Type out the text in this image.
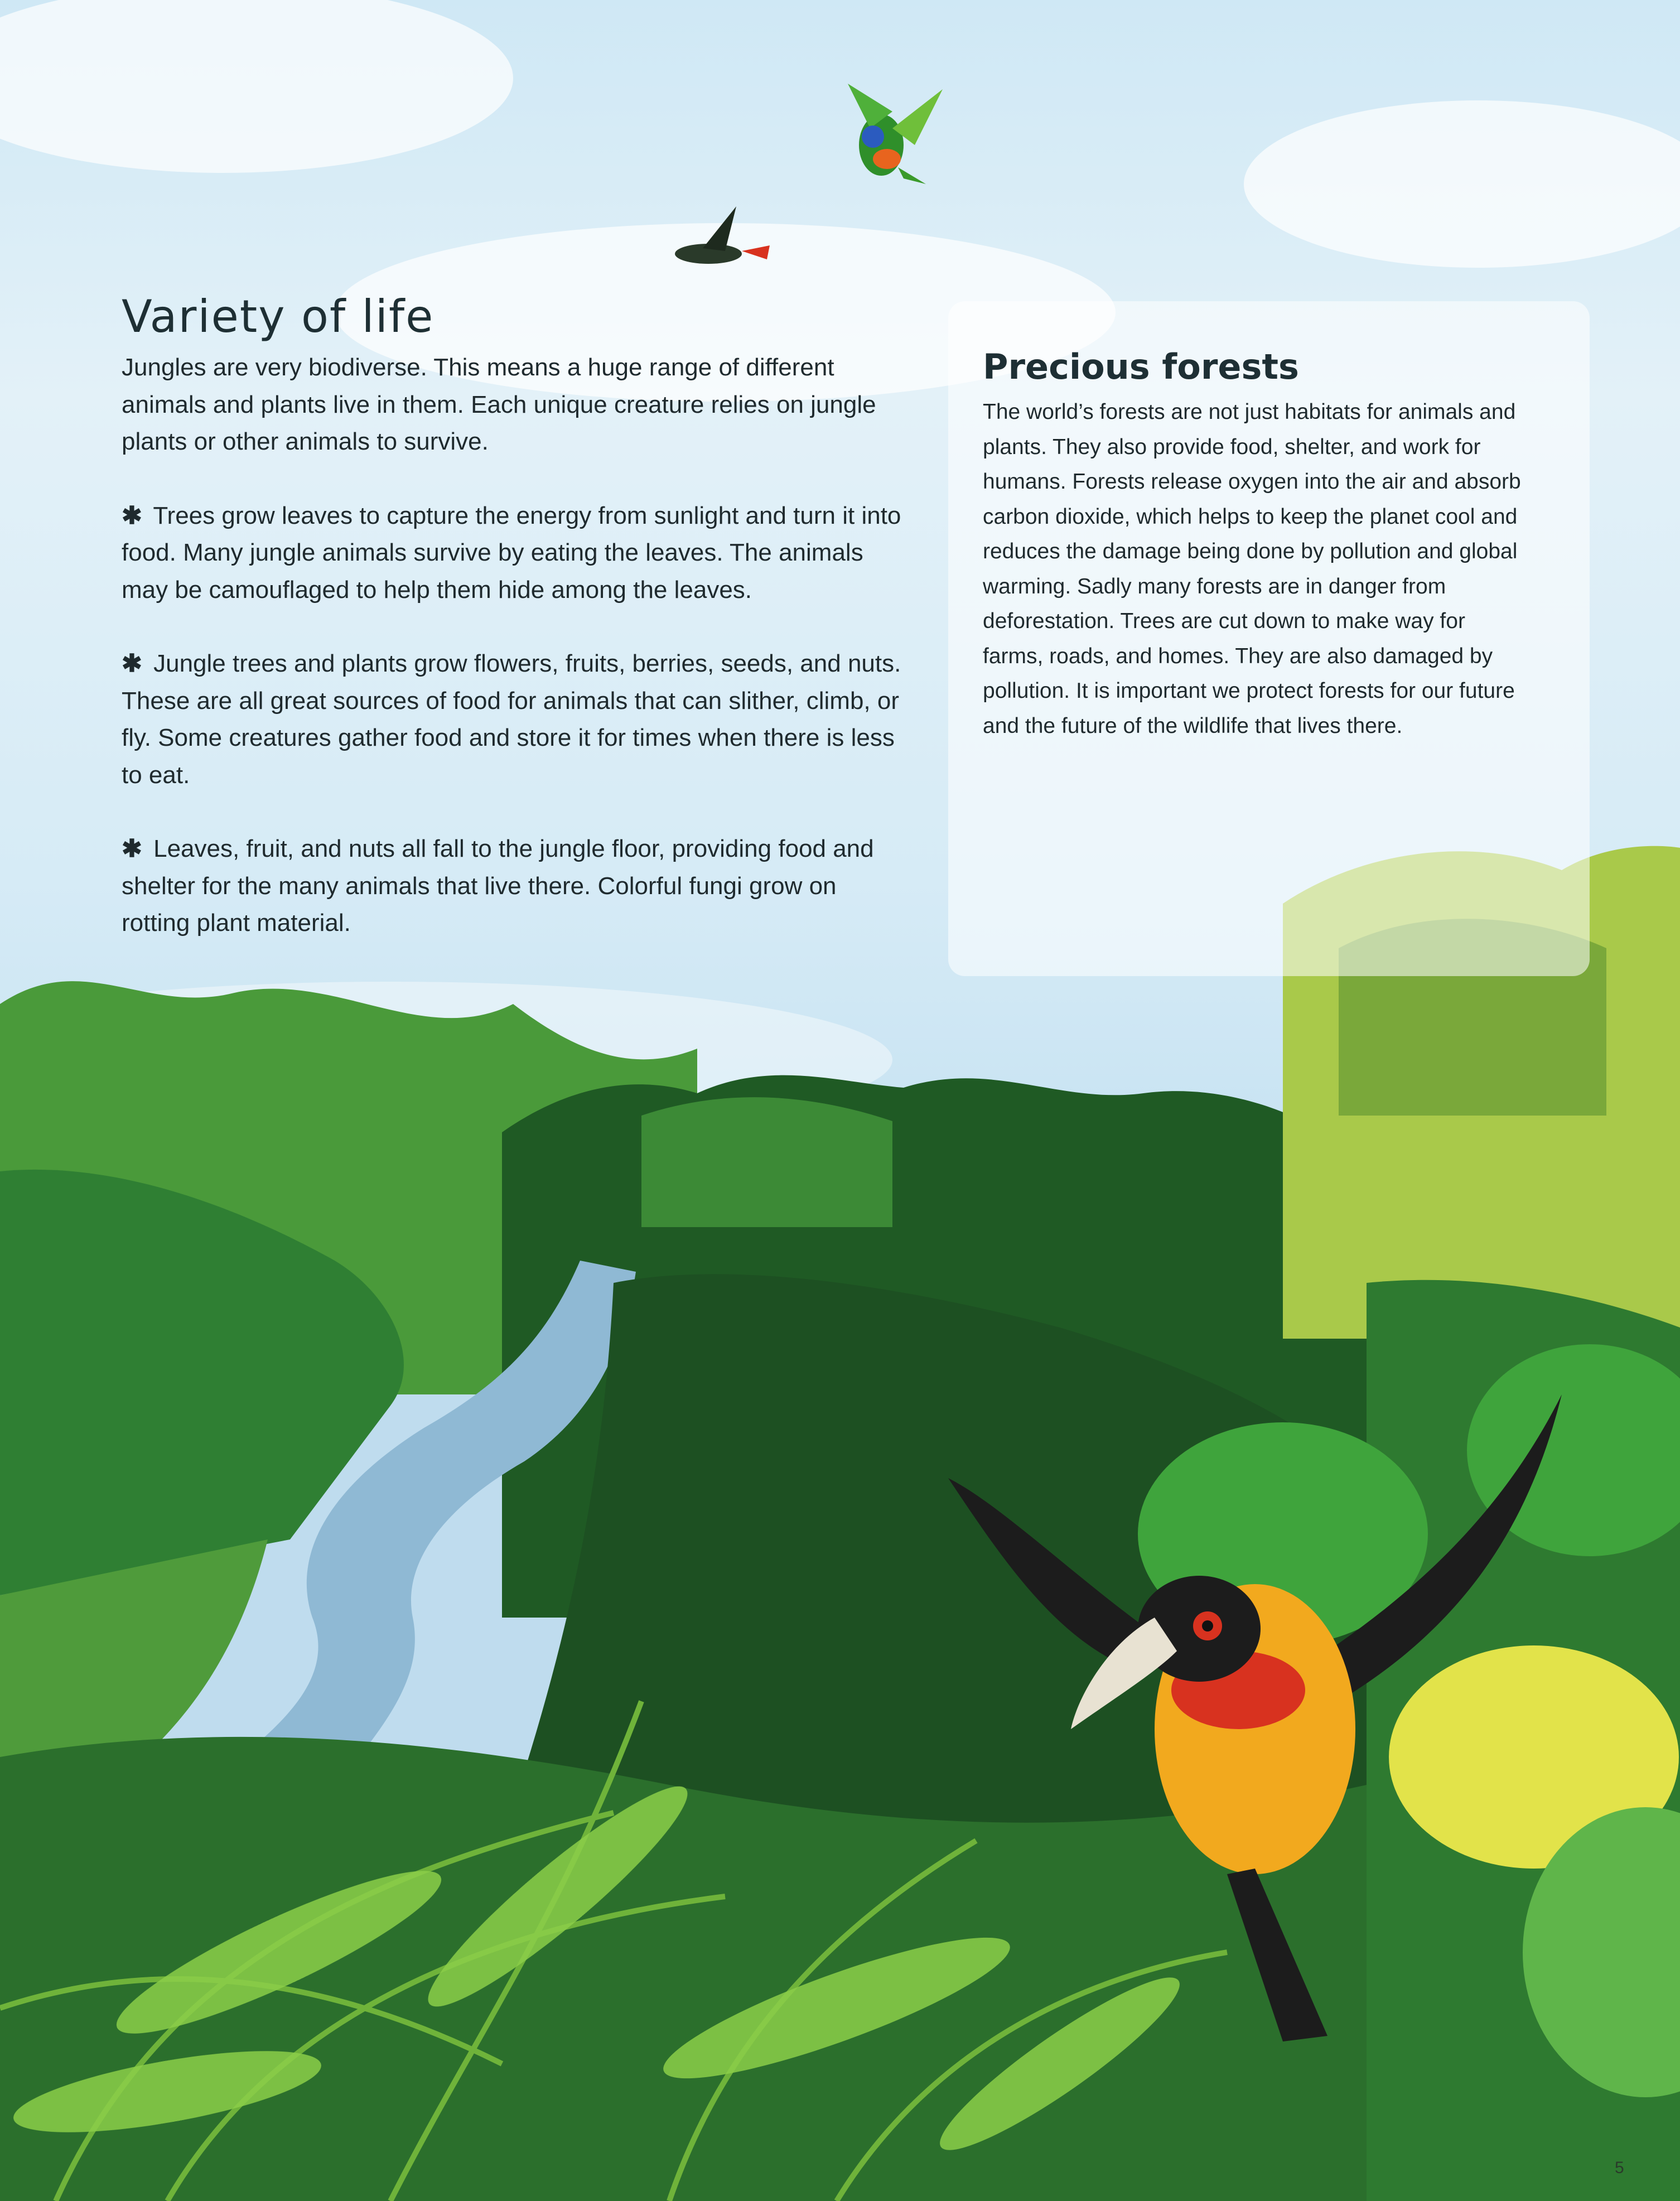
Variety of life

Jungles are very biodiverse. This means a huge range of different animals and plants live in them. Each unique creature relies on jungle plants or other animals to survive.

✱ Trees grow leaves to capture the energy from sunlight and turn it into food. Many jungle animals survive by eating the leaves. The animals may be camouflaged to help them hide among the leaves.

✱ Jungle trees and plants grow flowers, fruits, berries, seeds, and nuts. These are all great sources of food for animals that can slither, climb, or fly. Some creatures gather food and store it for times when there is less to eat.

✱ Leaves, fruit, and nuts all fall to the jungle floor, providing food and shelter for the many animals that live there. Colorful fungi grow on rotting plant material.

Precious forests

The world’s forests are not just habitats for animals and plants. They also provide food, shelter, and work for humans. Forests release oxygen into the air and absorb carbon dioxide, which helps to keep the planet cool and reduces the damage being done by pollution and global warming. Sadly many forests are in danger from deforestation. Trees are cut down to make way for farms, roads, and homes. They are also damaged by pollution. It is important we protect forests for our future and the future of the wildlife that lives there.

5
